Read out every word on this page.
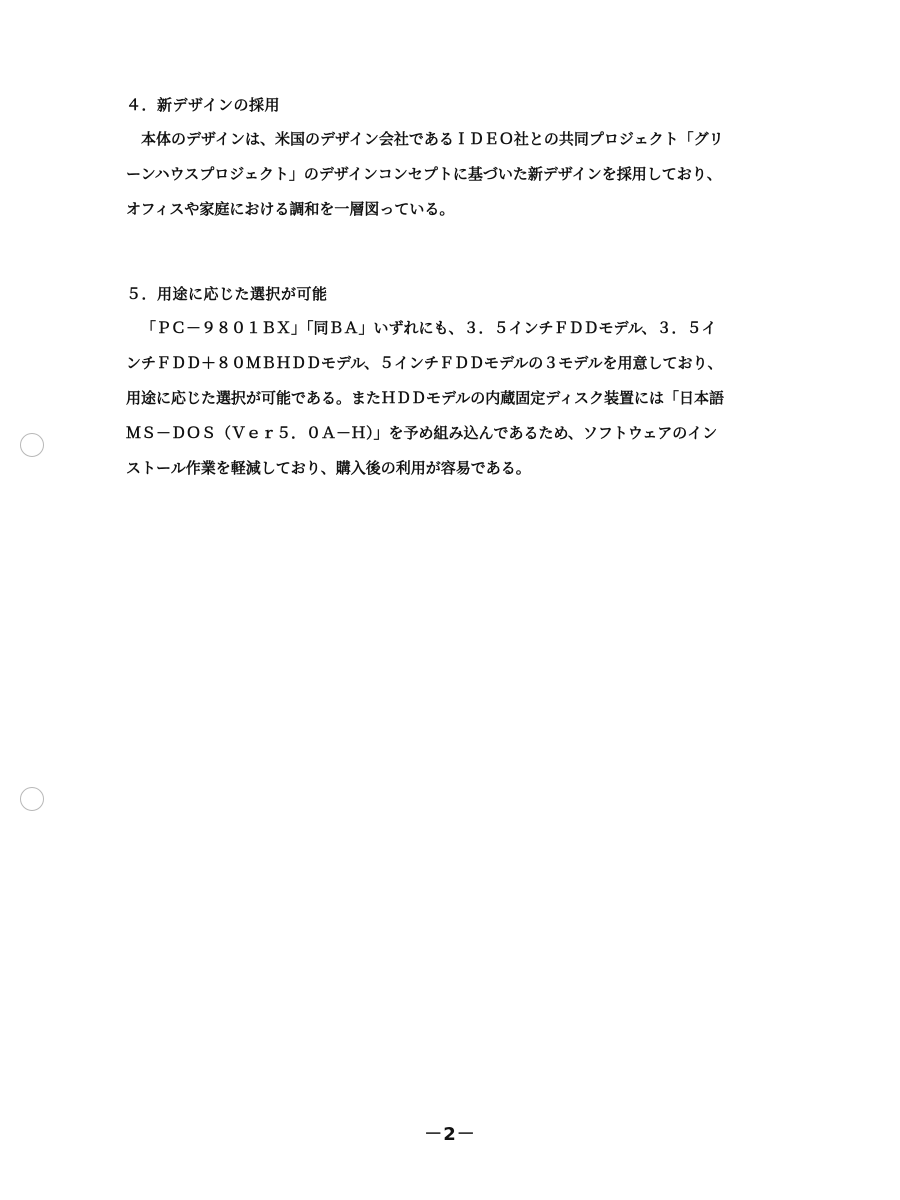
４．新デザインの採用
本体のデザインは、米国のデザイン会社であるＩＤＥＯ社との共同プロジェクト「グリ
ーンハウスプロジェクト」のデザインコンセプトに基づいた新デザインを採用しており、
オフィスや家庭における調和を一層図っている。
５．用途に応じた選択が可能
「ＰＣ－９８０１ＢＸ」「同ＢＡ」いずれにも、３．５インチＦＤＤモデル、３．５イ
ンチＦＤＤ＋８０ＭＢＨＤＤモデル、５インチＦＤＤモデルの３モデルを用意しており、
用途に応じた選択が可能である。またＨＤＤモデルの内蔵固定ディスク装置には「日本語
ＭＳ－ＤＯＳ（Ｖｅｒ５．０Ａ－Ｈ）」を予め組み込んであるため、ソフトウェアのイン
ストール作業を軽減しており、購入後の利用が容易である。
－2－
